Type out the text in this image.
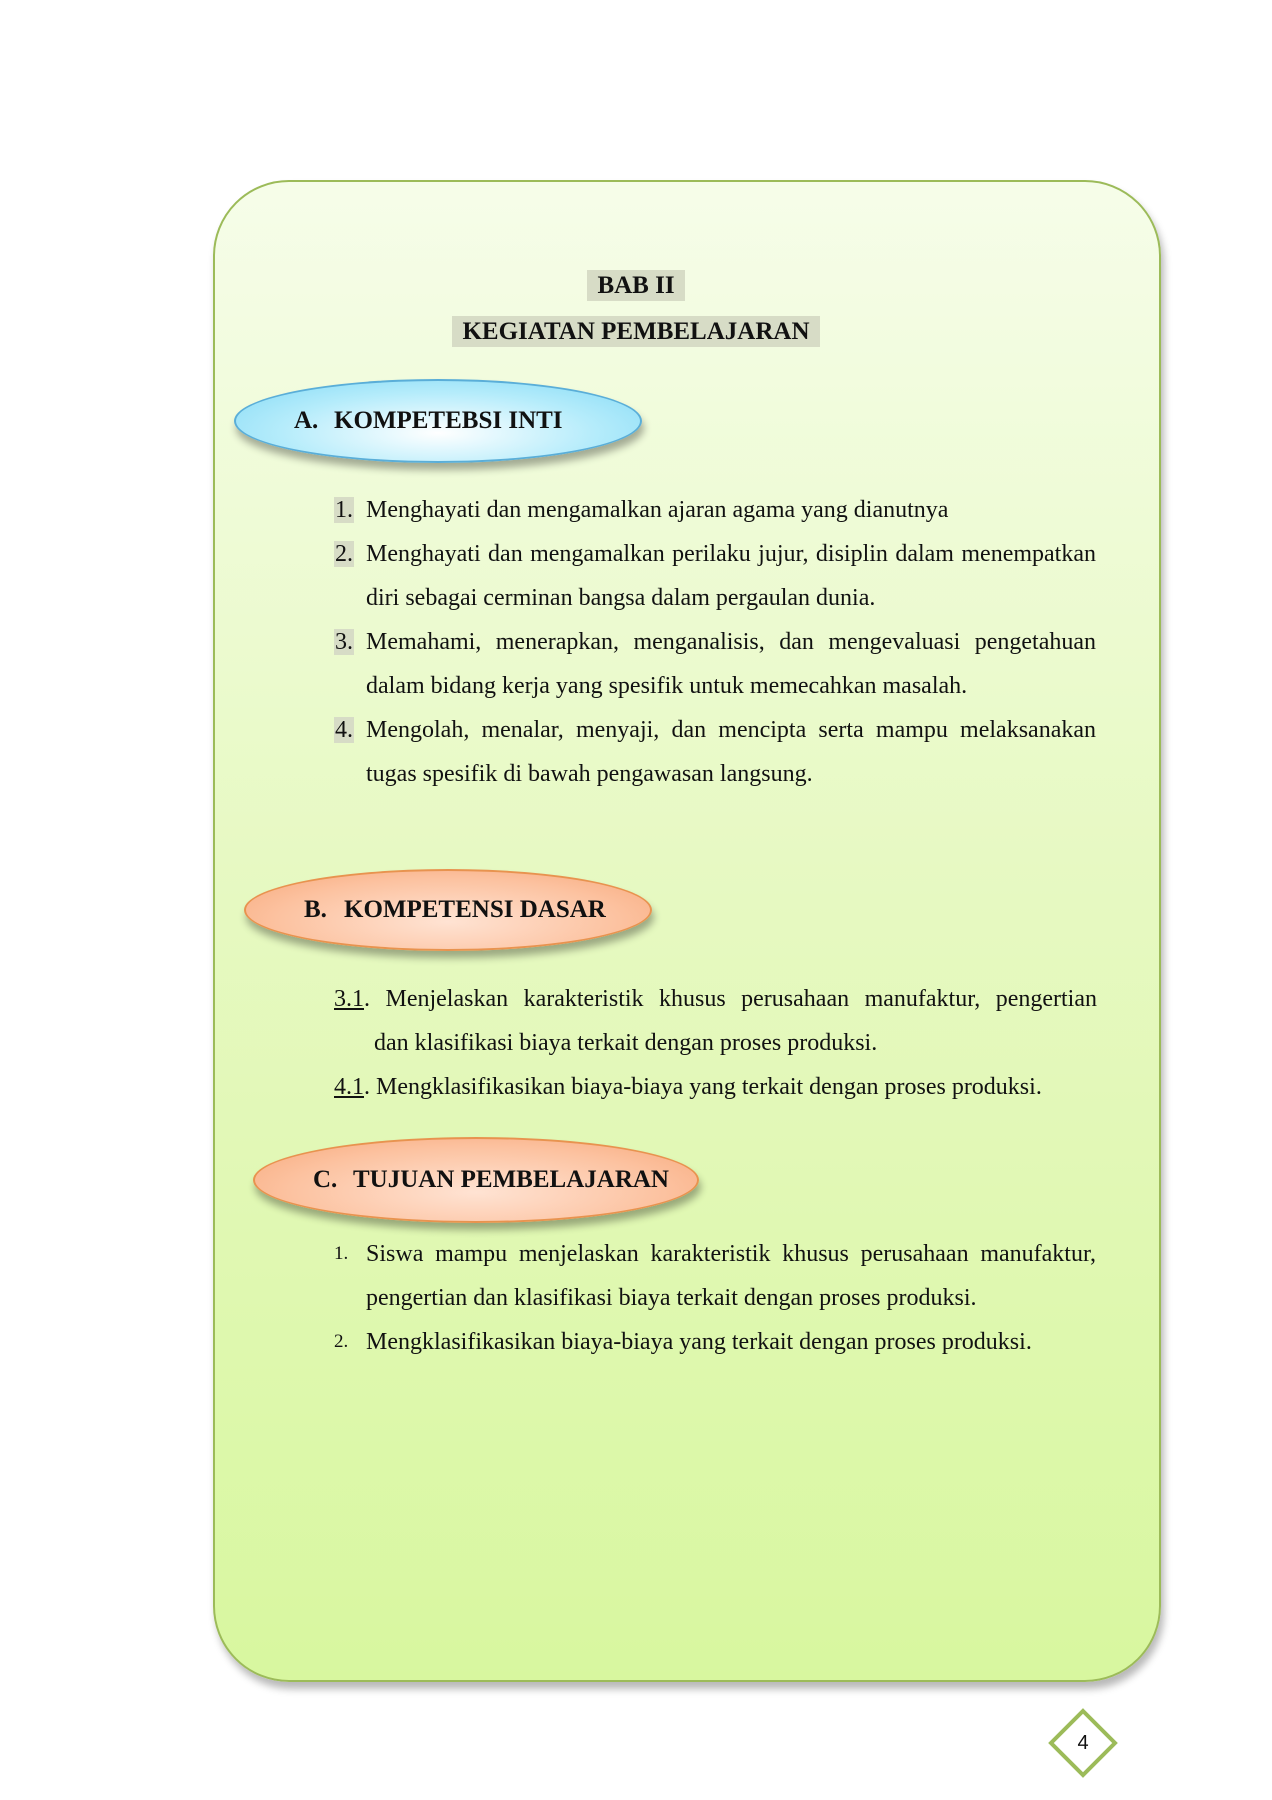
BAB II
KEGIATAN PEMBELAJARAN
A. KOMPETEBSI INTI
1. Menghayati dan mengamalkan ajaran agama yang dianutnya
2. Menghayati dan mengamalkan perilaku jujur, disiplin dalam menempatkan diri sebagai cerminan bangsa dalam pergaulan dunia.
3. Memahami, menerapkan, menganalisis, dan mengevaluasi pengetahuan dalam bidang kerja yang spesifik untuk memecahkan masalah.
4. Mengolah, menalar, menyaji, dan mencipta serta mampu melaksanakan tugas spesifik di bawah pengawasan langsung.
B. KOMPETENSI DASAR
3.1. Menjelaskan karakteristik khusus perusahaan manufaktur, pengertian
dan klasifikasi biaya terkait dengan proses produksi.
4.1. Mengklasifikasikan biaya-biaya yang terkait dengan proses produksi.
C. TUJUAN PEMBELAJARAN
1. Siswa mampu menjelaskan karakteristik khusus perusahaan manufaktur, pengertian dan klasifikasi biaya terkait dengan proses produksi.
2. Mengklasifikasikan biaya-biaya yang terkait dengan proses produksi.
4
